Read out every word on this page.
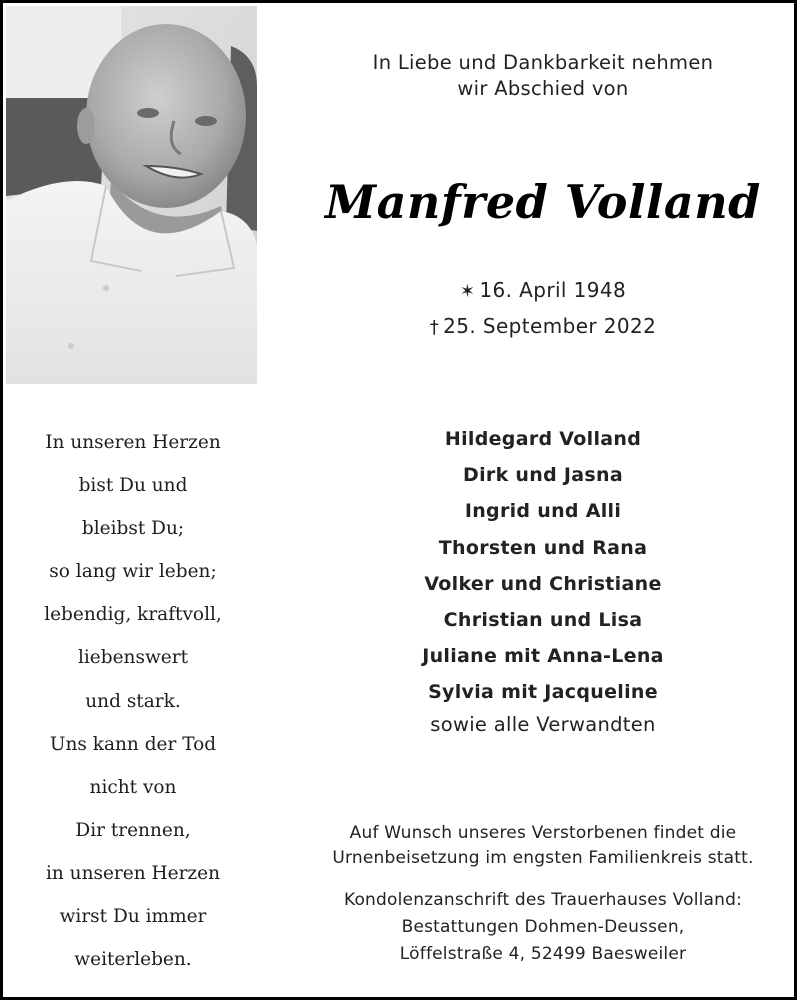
In Liebe und Dankbarkeit nehmen
wir Abschied von
Manfred Volland
✶ 16. April 1948
† 25. September 2022
In unseren Herzen
bist Du und
bleibst Du;
so lang wir leben;
lebendig, kraftvoll,
liebenswert
und stark.
Uns kann der Tod
nicht von
Dir trennen,
in unseren Herzen
wirst Du immer
weiterleben.
Hildegard Volland
Dirk und Jasna
Ingrid und Alli
Thorsten und Rana
Volker und Christiane
Christian und Lisa
Juliane mit Anna-Lena
Sylvia mit Jacqueline
sowie alle Verwandten
Auf Wunsch unseres Verstorbenen findet die
Urnenbeisetzung im engsten Familienkreis statt.
Kondolenzanschrift des Trauerhauses Volland:
Bestattungen Dohmen-Deussen,
Löffelstraße 4, 52499 Baesweiler
